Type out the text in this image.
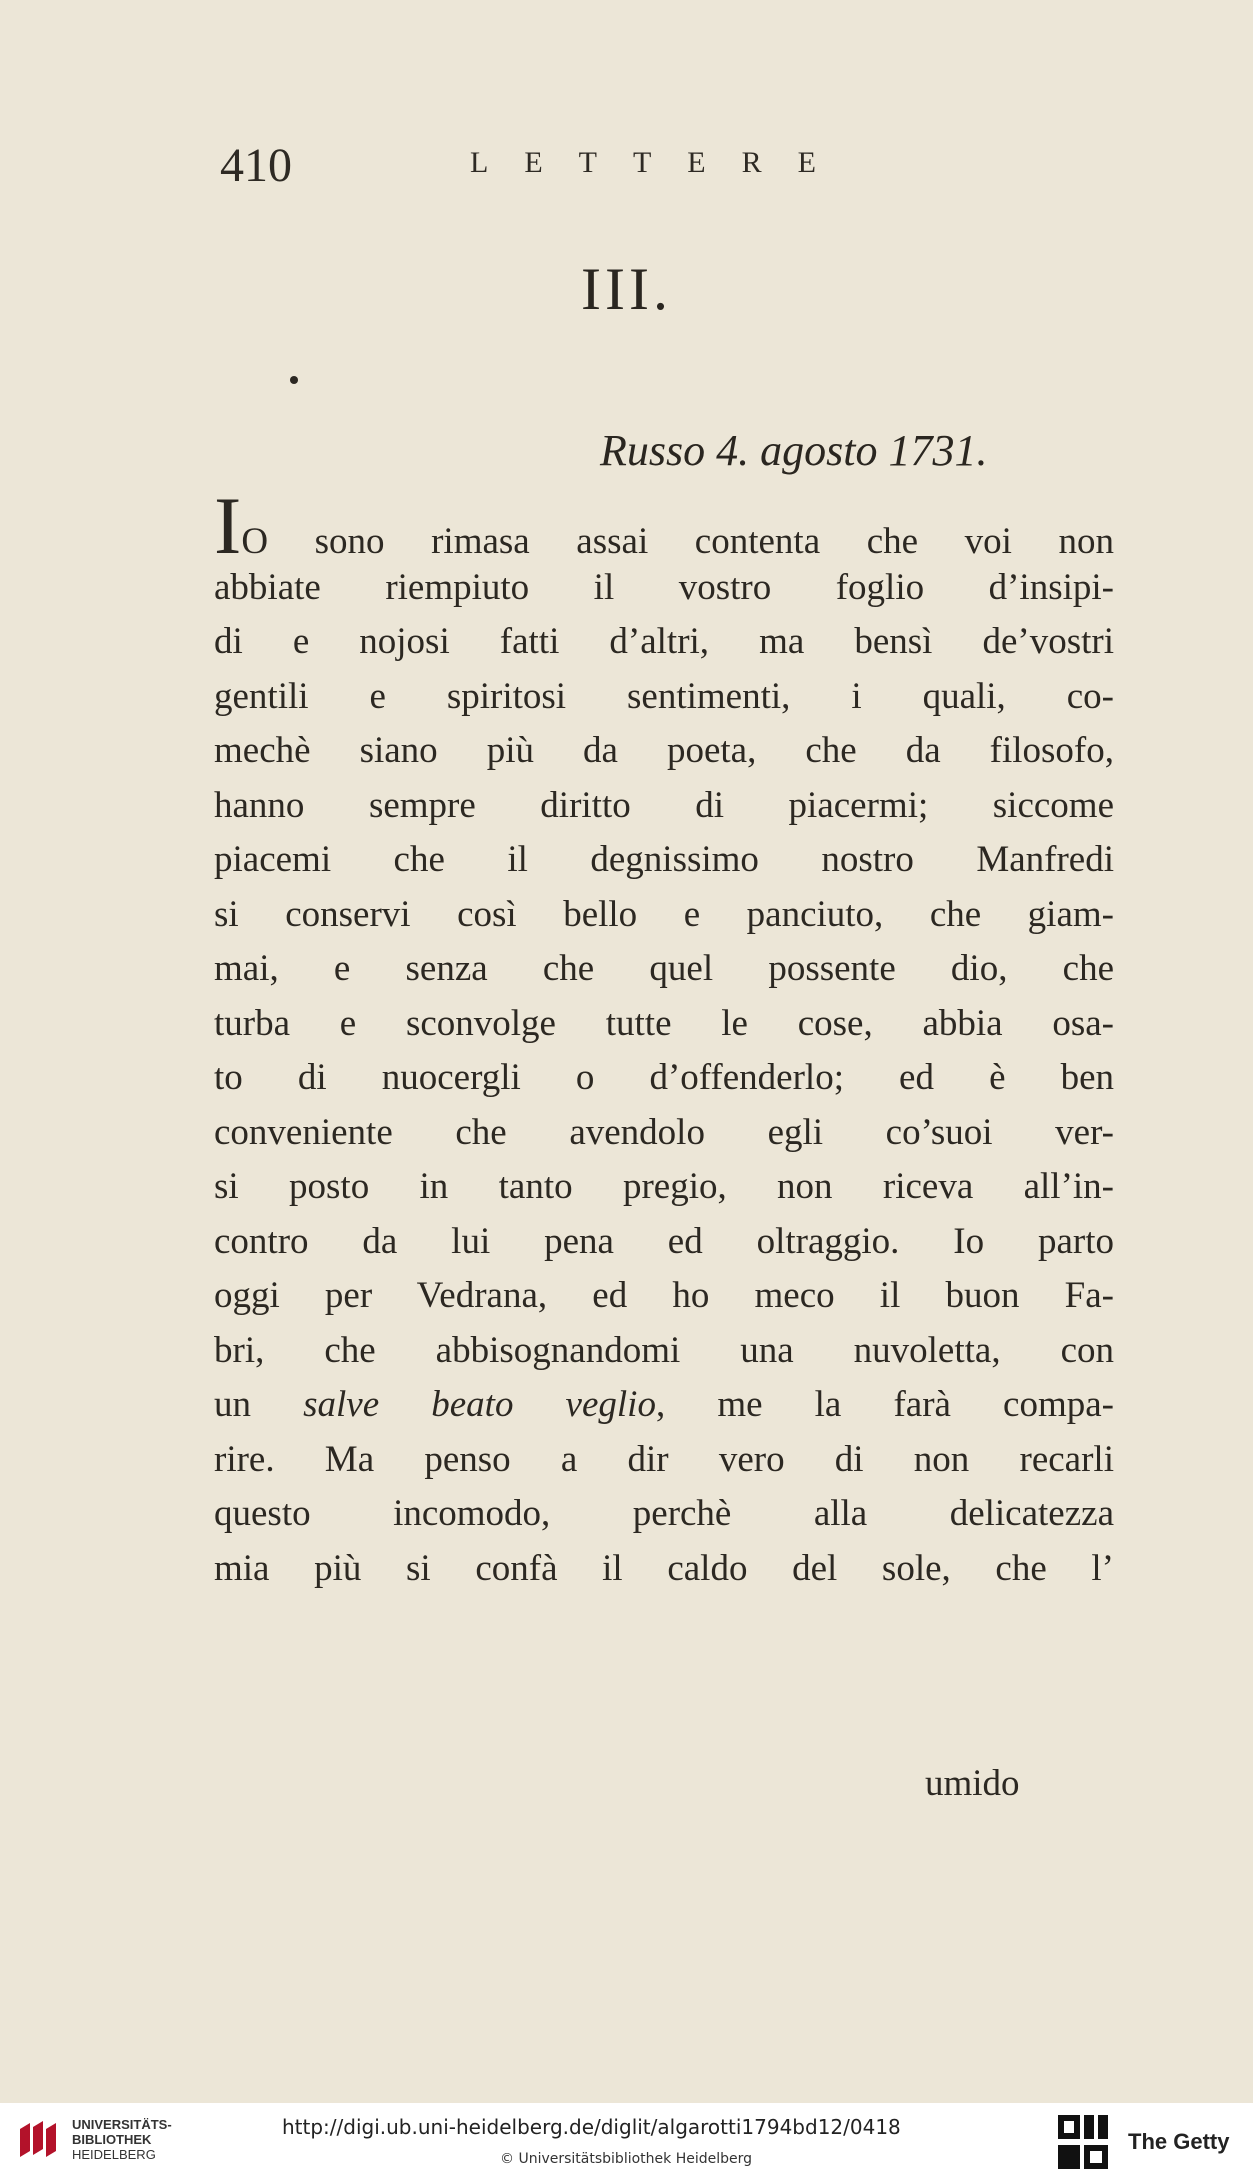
410	LETTERE
III.
Russo 4. agosto 1731.
IO sono rimasa assai contenta che voi non
abbiate riempiuto il vostro foglio d’insipi-
di e nojosi fatti d’altri, ma bensì de’vostri
gentili e spiritosi sentimenti, i quali, co-
mechè siano più da poeta, che da filosofo,
hanno sempre diritto di piacermi; siccome
piacemi che il degnissimo nostro Manfredi
si conservi così bello e panciuto, che giam-
mai, e senza che quel possente dio, che
turba e sconvolge tutte le cose, abbia osa-
to di nuocergli o d’offenderlo; ed è ben
conveniente che avendolo egli co’suoi ver-
si posto in tanto pregio, non riceva all’in-
contro da lui pena ed oltraggio. Io parto
oggi per Vedrana, ed ho meco il buon Fa-
bri, che abbisognandomi una nuvoletta, con
un salve beato veglio, me la farà compa-
rire. Ma penso a dir vero di non recarli
questo incomodo, perchè alla delicatezza
mia più si confà il caldo del sole, che l’
umido
UNIVERSITÄTS-
BIBLIOTHEK
HEIDELBERG
http://digi.ub.uni-heidelberg.de/diglit/algarotti1794bd12/0418
© Universitätsbibliothek Heidelberg
The Getty
